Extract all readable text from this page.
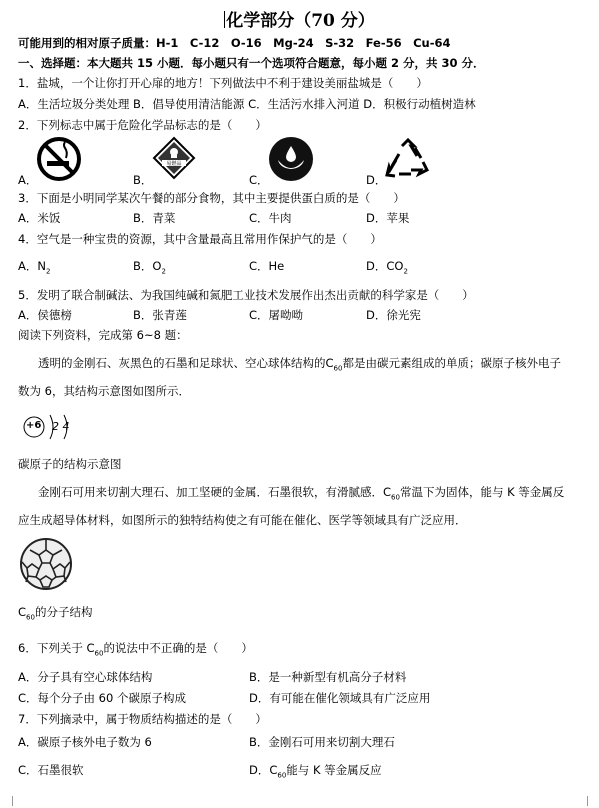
化学部分（70 分）
可能用到的相对原子质量：H-1　C-12　O-16　Mg-24　S-32　Fe-56　Cu-64
一、选择题：本大题共 15 小题．每小题只有一个选项符合题意，每小题 2 分，共 30 分．
1．盐城，一个让你打开心扉的地方！下列做法中不利于建设美丽盐城是（　　）
A．生活垃圾分类处理 B．倡导使用清洁能源 C．生活污水排入河道 D．积极行动植树造林
2．下列标志中属于危险化学品标志的是（　　）
A．	B．
易燃品
C．	D．
3．下面是小明同学某次午餐的部分食物，其中主要提供蛋白质的是（　　）
A．米饭	B．青菜	C．牛肉	D．苹果
4．空气是一种宝贵的资源，其中含量最高且常用作保护气的是（　　）
A．$N_2$	B．$O_2$	C．He	D．$CO_2$
5．发明了联合制碱法、为我国纯碱和氮肥工业技术发展作出杰出贡献的科学家是（　　）
A．侯德榜	B．张青莲	C．屠呦呦	D．徐光宪
阅读下列资料，完成第 6~8 题：
透明的金刚石、灰黑色的石墨和足球状、空心球体结构的$C_{60}$都是由碳元素组成的单质；碳原子核外电子
数为 6，其结构示意图如图所示．
+6 2 4
碳原子的结构示意图
金刚石可用来切割大理石、加工坚硬的金属．石墨很软，有滑腻感．$C_{60}$常温下为固体，能与 K 等金属反
应生成超导体材料，如图所示的独特结构使之有可能在催化、医学等领域具有广泛应用．
$C_{60}$的分子结构
6．下列关于 $C_{60}$的说法中不正确的是（　　）
A．分子具有空心球体结构	B．是一种新型有机高分子材料
C．每个分子由 60 个碳原子构成	D．有可能在催化领域具有广泛应用
7．下列摘录中，属于物质结构描述的是（　　）
A．碳原子核外电子数为 6	B．金刚石可用来切割大理石
C．石墨很软	D．$C_{60}$能与 K 等金属反应
